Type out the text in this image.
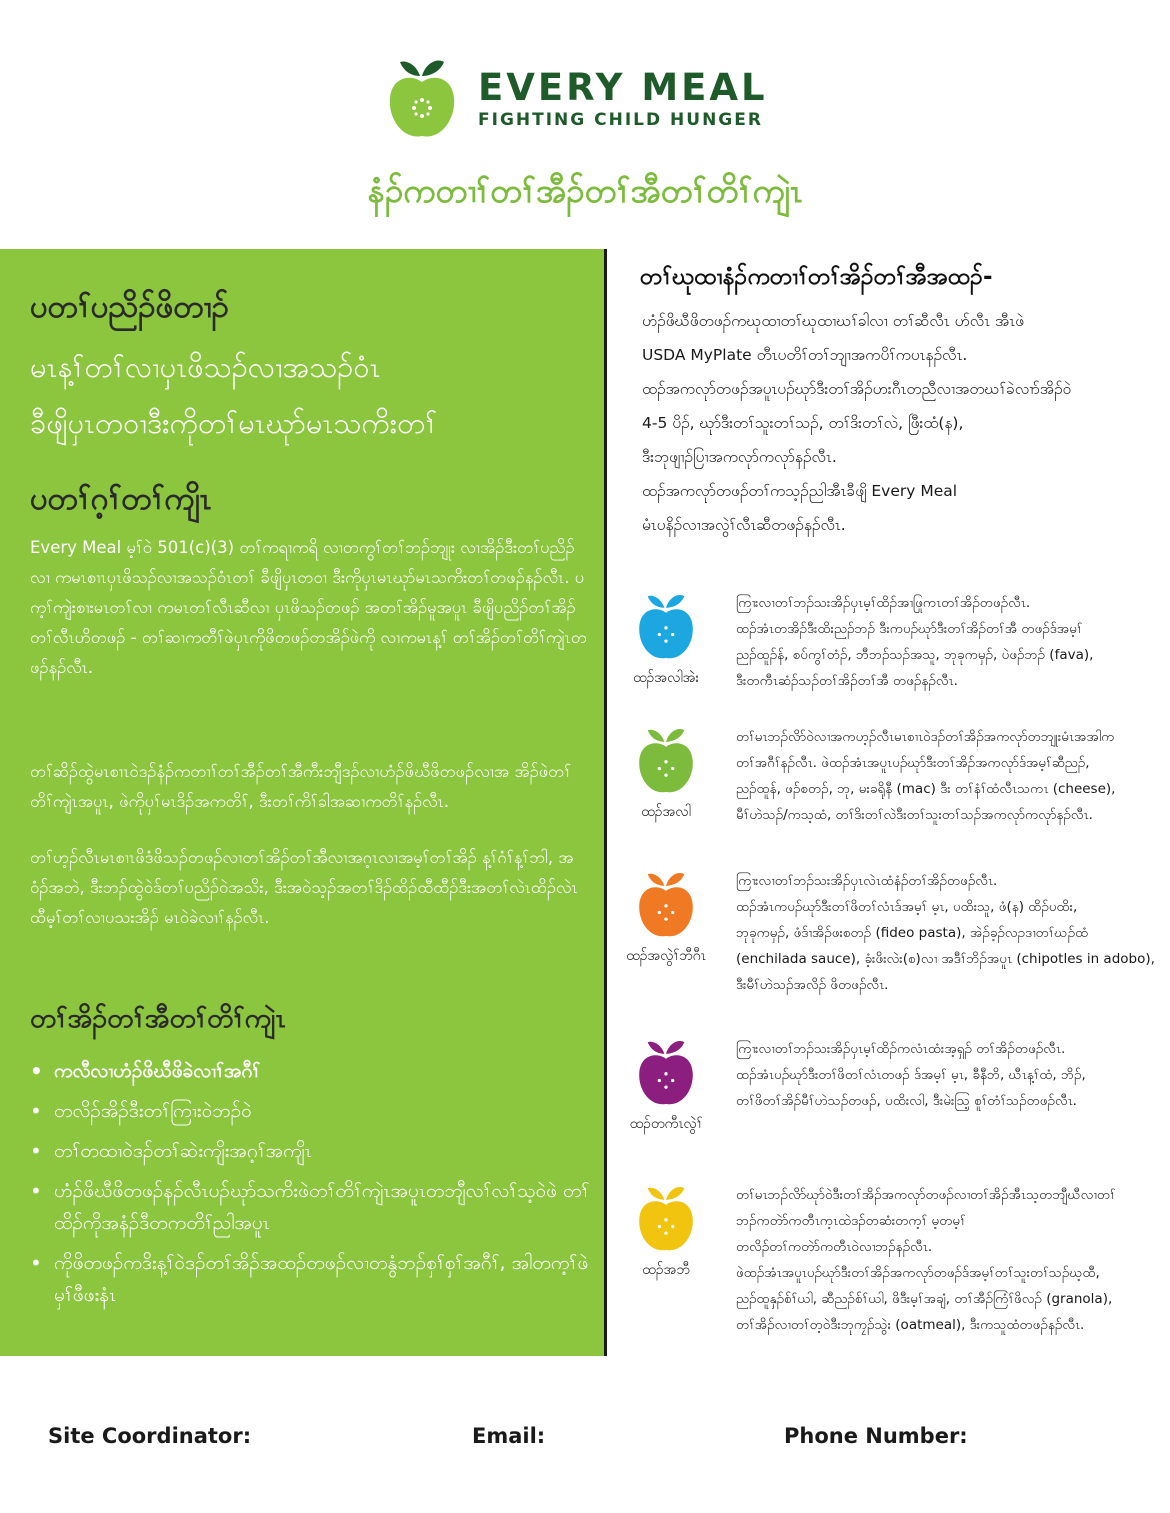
EVERY MEAL
FIGHTING CHILD HUNGER
နံၣ်ကတၢၢ်တၢ်အီၣ်တၢ်အီတၢ်တိၢ်ကျဲၤ
ပတၢ်ပညိၣ်ဖိတၢၣ်
မၤန့ၢ်တၢ်လၢပှၤဖိသၣ်လၢအသၣ်ဝံၤ
ခီဖျိပှၤတဝၢဒီးကိုတၢ်မၤဃုာ်မၤသကိးတၢ်
ပတၢ်ဂ့ၢ်တၢ်ကျိၤ
Every Meal မ့ၢ်ဝဲ 501(c)(3) တၢ်ကရၢကရိ လၢတကွၢ်တၢ်ဘၣ်ဘျုး လၢအိၣ်ဒီးတၢ်ပညိၣ်လၢ ကမၤစၢၤပှၤဖိသၣ်လၢအသၣ်ဝံၤတၢ် ခီဖျိပှၤတဝၢ ဒီးကိုပှၤမၤဃုာ်မၤသကိးတၢ်တဖၣ်နၣ်လီၤ. ပက့ၢ်ကျဲးစၢးမၤတၢ်လၢ ကမၤတၢ်လီၤဆီလၢ ပှၤဖိသၣ်တဖၣ် အတၢ်အိၣ်မူအပူၤ ခီဖျိပညိၣ်တၢ်အိၣ် တၢ်လီၤဟိတဖၣ် - တၢ်ဆၢကတီၢ်ဖဲပှၤကိုဖိတဖၣ်တအိၣ်ဖဲကို လၢကမၤန့ၢ် တၢ်အိၣ်တၢ်တိၢ်ကျဲၤတဖၣ်နၣ်လီၤ.
တၢ်ဆိၣ်ထွဲမၤစၢၤဝဲဒၣ်နံၣ်ကတၢၢ်တၢ်အီၣ်တၢ်အီကီးဘျီဒၣ်လၢဟံၣ်ဖိဃီဖိတဖၣ်လၢအ အိၣ်ဖဲတၢ်တိၢ်ကျဲၤအပူၤ, ဖဲကိုပှၢ်မၤဒိၣ်အကတိၢ်, ဒီးတၢ်ကိၢ်ခါအဆၢကတိၢ်နၣ်လီၤ.
တၢ်ဟ့ၣ်လီၤမၤစၢၤဖိဒံဖိသၣ်တဖၣ်လၢတၢ်အိၣ်တၢ်အီလၢအဂ့ၤလၢအမ့ၢ်တၢ်အိၣ် န့ၢ်ဂံၢ်န့ၢ်ဘါ, အဝံၣ်အဘဲ, ဒီးဘၣ်ထွဲဝဲဒ်တၢ်ပညိၣ်ဝဲအသိး, ဒီးအဝဲသ့ၣ်အတၢ်ဒိၣ်ထိၣ်ထီထီၣ်ဒီးအတၢ်လဲၤထိၣ်လဲၤထီမ့ၢ်တၢ်လၢပသးအိၣ် မၤဝဲခဲလၢၢ်နၣ်လီၤ.
တၢ်အိၣ်တၢ်အီတၢ်တိၢ်ကျဲၤ
• ကလီလၢဟံၣ်ဖိဃီဖိခဲလၢၢ်အဂီၢ်
• တလိၣ်အိၣ်ဒီးတၢ်ကြၢးဝဲဘၣ်ဝဲ
• တၢ်တထၢဝဲဒၣ်တၢ်ဆဲးကျိးအဂ့ၢ်အကျိၤ
• ဟံၣ်ဖိဃီဖိတဖၣ်နၣ်လီၤပၣ်ဃုာ်သကိးဖဲတၢ်တိၢ်ကျဲၤအပူၤတဘျီလၢ်လၢ်သ့ဝဲဖဲ တၢ်ထိၣ်ကိုအနံၣ်ဒီတကတိၢ်ညါအပူၤ
• ကိုဖိတဖၣ်ကဒိးန့ၢ်ဝဲဒၣ်တၢ်အိၣ်အထၣ်တဖၣ်လၢတနွံဘၣ်စှၢ်စှၢ်အဂီၢ်, အါတက့ၢ်ဖဲမှၢ်ဖီဖးနံၤ
တၢ်ဃုထၢနံၣ်ကတၢၢ်တၢ်အိၣ်တၢ်အီအထၣ်-
ဟံၣ်ဖိဃီဖိတဖၣ်ကဃုထၢတၢ်ဃုထၢဃၢ်ခါလၢ တၢ်ဆီလီၤ ဟ်လီၤ အီၤဖဲ
USDA MyPlate တီၤပတိၢ်တၢ်ဘျၢအကပိၢ်ကပၤနၣ်လီၤ.
ထၣ်အကလုာ်တဖၣ်အပူၤပၣ်ဃုာ်ဒီးတၢ်အိၣ်ဟးဂီၤတညီလၢအတဃၢ်ခဲလၢာ်အိၣ်ဝဲ
4-5 ပိၣ်, ဃုာ်ဒီးတၢ်သူးတၢ်သၣ်, တၢ်ဒိးတၢ်လဲ, ဖြီးထံ(န),
ဒီးဘုဖျၢၣ်ပြၢအကလုာ်ကလုာ်နၣ်လီၤ.
ထၣ်အကလုာ်တဖၣ်တၢ်ကသ့ၣ်ညါအီၤခီဖျိ Every Meal
မံၤပနိၣ်လၢအလွဲၢ်လီၤဆီတဖၣ်နၣ်လီၤ.
ထၣ်အလါအဲး
ကြၢးလၢတၢ်ဘၣ်သးအိၣ်ပှၤမ့ၢ်ထိၣ်အၢဖြုကၤတၢ်အိၣ်တဖၣ်လီၤ.
ထၣ်အံၤတအိၣ်ဒီးထိးညၣ်ဘၣ် ဒီးကပၣ်ဃုာ်ဒီးတၢ်အိၣ်တၢ်အီ တဖၣ်ဒ်အမ့ၢ်
ညၣ်ထူၣ်န်, စပ်ကွၢ်တံၣ်, ဘီဘၣ်သၣ်အသူ, ဘုခုကမှၣ်, ပဲဖၣ်ဘၣ် (fava),
ဒီးတကီၤဆံၣ်သၣ်တၢ်အိၣ်တၢ်အီ တဖၣ်နၣ်လီၤ.
ထၣ်အလါ
တၢ်မၤဘၣ်လိာ်ဝဲလၢအကဟ့ၣ်လီၤမၤစၢၤဝဲဒၣ်တၢ်အိၣ်အကလုာ်တဘျုးမံၤအအါက
တၢ်အဂီၢ်နၣ်လီၤ. ဖဲထၣ်အံၤအပူၤပၣ်ဃုာ်ဒီးတၢ်အိၣ်အကလုာ်ဒ်အမ့ၢ်ဆီညၣ်,
ညၣ်ထူန်, ဖၣ်စတၣ်, ဘု, မးခရိုနီ (mac) ဒီး တၢ်နံၢ်ထံလီၤသကၤ (cheese),
မီၢ်ဟဲသၣ်/ကသ့ထံ, တၢ်ဒိးတၢ်လဲဒီးတၢ်သူးတၢ်သၣ်အကလုာ်ကလုာ်နၣ်လီၤ.
ထၣ်အလွဲၢ်ဘီဂီၤ
ကြၢးလၢတၢ်ဘၣ်သးအိၣ်ပှၤလဲၤထံနံၣ်တၢ်အိၣ်တဖၣ်လီၤ.
ထၣ်အံၤကပၣ်ဃုာ်ဒီးတၢ်ဖိတၢ်လံၤဒ်အမ့ၢ် မ့ၤ, ပထိးသူ, ဖံ(န) ထိၣ်ပထိး,
ဘုခုကမှၣ်, ဖံဒ်ၢအိၣ်ဖးစတၣ် (fideo pasta), အဲၣ်ခ့ၣ်လၣဒၢတၢ်ဃၣ်ထံ
(enchilada sauce), ခံ့းဖိးလဲး(စ)လၢ အဒီၢ်ဘိၣ်အပူၤ (chipotles in adobo),
ဒီးမီၢ်ဟဲသၣ်အလိၣ် ဖိတဖၣ်လီၤ.
ထၣ်တကီၤလွဲၢ်
ကြၢးလၢတၢ်ဘၣ်သးအိၣ်ပှၤမ့ၢ်ထိၣ်ကလံၤထံးအ့ရှၣ် တၢ်အိၣ်တဖၣ်လီၤ.
ထၣ်အံၤပၣ်ဃုာ်ဒီးတၢ်ဖိတၢ်လံၤတဖၣ် ဒ်အမ့ၢ် မ့ၤ, ခီနီဘိ, ဃီၤန့ၢ်ထံ, ဘိၣ်,
တၢ်ဖိတၢ်အိၣ်မီၢ်ဟဲသၣ်တဖၣ်, ပထိးလါ, ဒီးမဲးဩ့ စူၢ်တံၢ်သၣ်တဖၣ်လီၤ.
ထၣ်အဘီ
တၢ်မၤဘၣ်လိာ်ဃုာ်ဝဲဒီးတၢ်အိၣ်အကလုာ်တဖၣ်လၢတၢ်အိၣ်အီၤသ့တဘျီဃီလၢတၢ်
ဘၣ်ကတဲာ်ကတီၤက့ၤထဲဒၣ်တဆံးတက့ၢ် မ့တမ့ၢ်
တလိၣ်တၢ်ကတဲာ်ကတီၤဝဲလၢဘၣ်နၣ်လီၤ.
ဖဲထၣ်အံၤအပူၤပၣ်ဃုာ်ဒီးတၢ်အိၣ်အကလုာ်တဖၣ်ဒ်အမ့ၢ်တၢ်သူးတၢ်သၣ်ဃ့ထီ,
ညၣ်ထူနှၣ်စ်ၢ်ယါ, ဆီညၣ်စ်ၢ်ယါ, ဖိဒီးမ့ၢ်အချံ, တၢ်အီၣ်ကြံၢ်ဖိလၣ် (granola),
တၢ်အိၣ်လၢတၢ်တ့ဝဲဒီးဘုကၠၣ်သွဲး (oatmeal), ဒီးကသူထံတဖၣ်နၣ်လီၤ.
Site Coordinator:	Email:	Phone Number:
